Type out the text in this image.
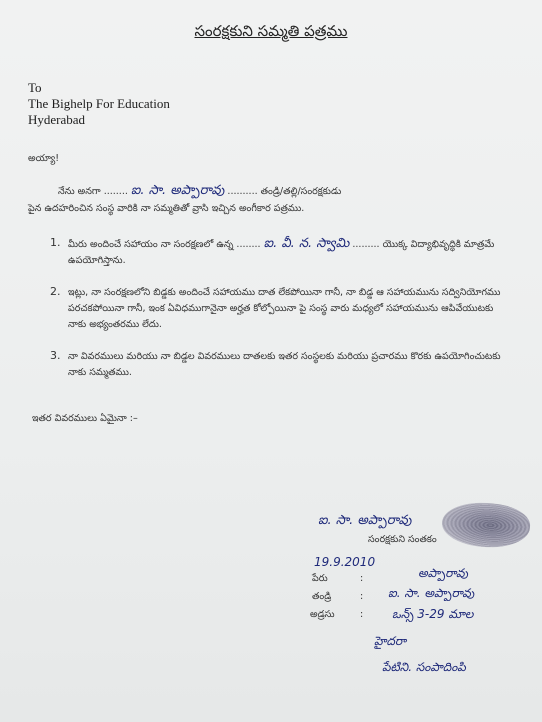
సంరక్షకుని సమ్మతి పత్రము
To
The Bighelp For Education
Hyderabad
అయ్యా!
నేను అనగా ........ ఐ. సా. అప్పారావు .......... తండ్రి/తల్లి/సంరక్షకుడు
పైన ఉదహరించిన సంస్థ వారికి నా సమ్మతితో వ్రాసి ఇచ్చిన అంగీకార పత్రము.
1. మీరు అందించే సహాయం నా సంరక్షణలో ఉన్న ........ ఐ. వీ. న. స్వామి ......... యొక్క విద్యాభివృద్ధికి మాత్రమే ఉపయోగిస్తాను.
2. ఇట్లు, నా సంరక్షణలోని బిడ్డకు అందించే సహాయము దాత లేకపోయినా గానీ, నా బిడ్డ ఆ సహాయమును సద్వినియోగము పరచకపోయినా గానీ, ఇంక ఏవిధముగానైనా అర్హత కోల్పోయినా పై సంస్థ వారు మధ్యలో సహాయమును ఆపివేయుటకు నాకు అభ్యంతరము లేదు.
3. నా వివరములు మరియు నా బిడ్డల వివరములు దాతలకు ఇతర సంస్థలకు మరియు ప్రచారము కొరకు ఉపయోగించుటకు నాకు సమ్మతము.
ఇతర వివరములు ఏమైనా :–
ఐ. సా. అప్పారావు
సంరక్షకుని సంతకం
19.9.2010
పేరు	:	అప్పారావు
తండ్రి	: ఐ. సా. అప్పారావు
అడ్రసు	: ఒన్స్ 3-29 మాల
హైదరా
పేటిని. సంపాదింపి
